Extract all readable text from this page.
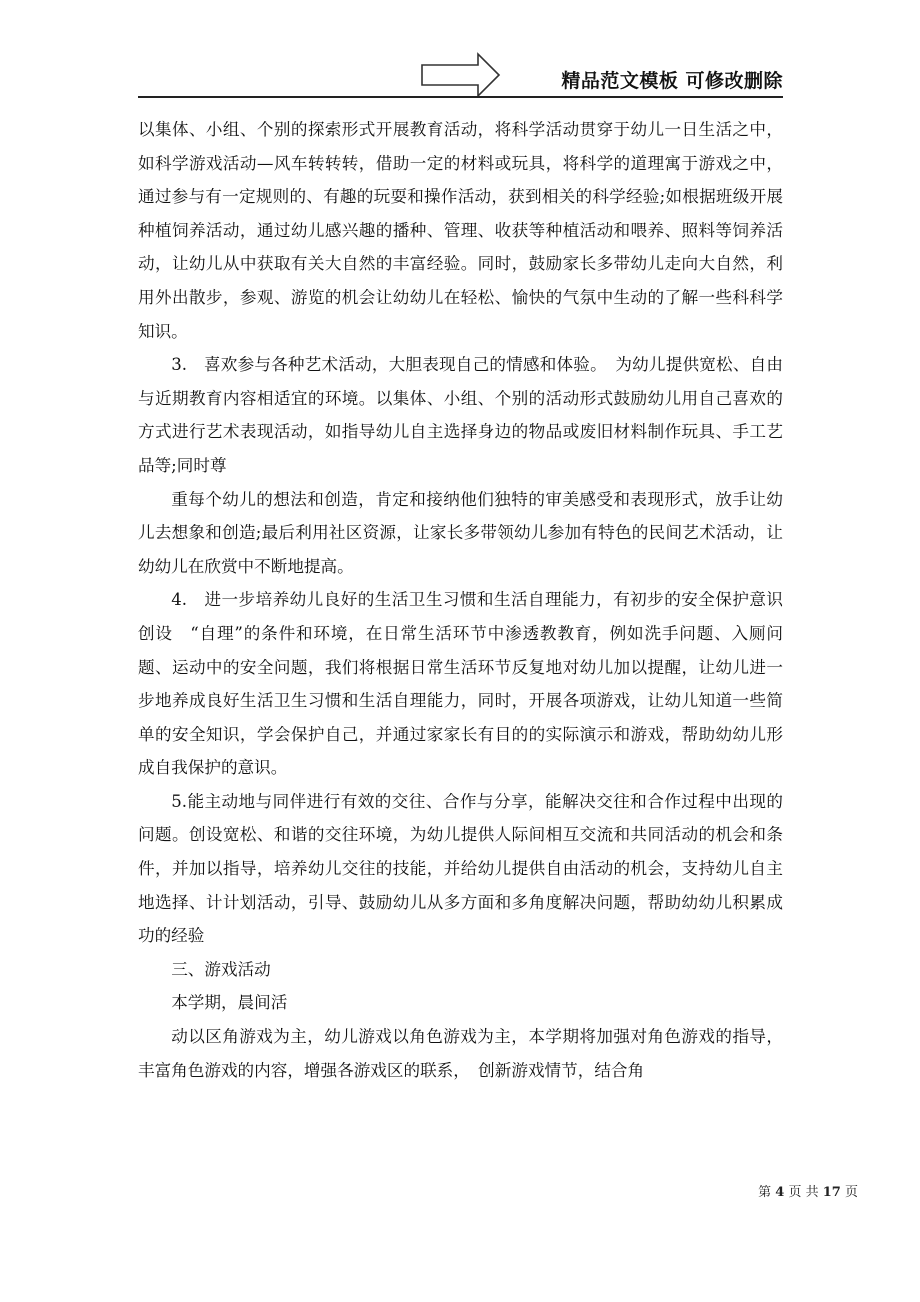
精品范文模板 可修改删除

以集体、小组、个别的探索形式开展教育活动，将科学活动贯穿于幼儿一日生活之中，如科学游戏活动—风车转转转，借助一定的材料或玩具，将科学的道理寓于游戏之中，通过参与有一定规则的、有趣的玩耍和操作活动，获到相关的科学经验;如根据班级开展种植饲养活动，通过幼儿感兴趣的播种、管理、收获等种植活动和喂养、照料等饲养活动，让幼儿从中获取有关大自然的丰富经验。同时，鼓励家长多带幼儿走向大自然，利用外出散步，参观、游览的机会让幼幼儿在轻松、愉快的气氛中生动的了解一些科科学知识。

3.　喜欢参与各种艺术活动，大胆表现自己的情感和体验。　为幼儿提供宽松、自由与近期教育内容相适宜的环境。以集体、小组、个别的活动形式鼓励幼儿用自己喜欢的方式进行艺术表现活动，如指导幼儿自主选择身边的物品或废旧材料制作玩具、手工艺品等;同时尊

重每个幼儿的想法和创造，肯定和接纳他们独特的审美感受和表现形式，放手让幼儿去想象和创造;最后利用社区资源，让家长多带领幼儿参加有特色的民间艺术活动，让幼幼儿在欣赏中不断地提高。

4.　进一步培养幼儿良好的生活卫生习惯和生活自理能力，有初步的安全保护意识创设　“自理”的条件和环境，在日常生活环节中渗透教教育，例如洗手问题、入厕问题、运动中的安全问题，我们将根据日常生活环节反复地对幼儿加以提醒，让幼儿进一步地养成良好生活卫生习惯和生活自理能力，同时，开展各项游戏，让幼儿知道一些简单的安全知识，学会保护自己，并通过家家长有目的的实际演示和游戏，帮助幼幼儿形成自我保护的意识。

5.能主动地与同伴进行有效的交往、合作与分享，能解决交往和合作过程中出现的问题。创设宽松、和谐的交往环境，为幼儿提供人际间相互交流和共同活动的机会和条件，并加以指导，培养幼儿交往的技能，并给幼儿提供自由活动的机会，支持幼儿自主地选择、计计划活动，引导、鼓励幼儿从多方面和多角度解决问题，帮助幼幼儿积累成功的经验

三、游戏活动

本学期，晨间活

动以区角游戏为主，幼儿游戏以角色游戏为主，本学期将加强对角色游戏的指导，丰富角色游戏的内容，增强各游戏区的联系，　创新游戏情节，结合角

第 4 页 共 17 页
